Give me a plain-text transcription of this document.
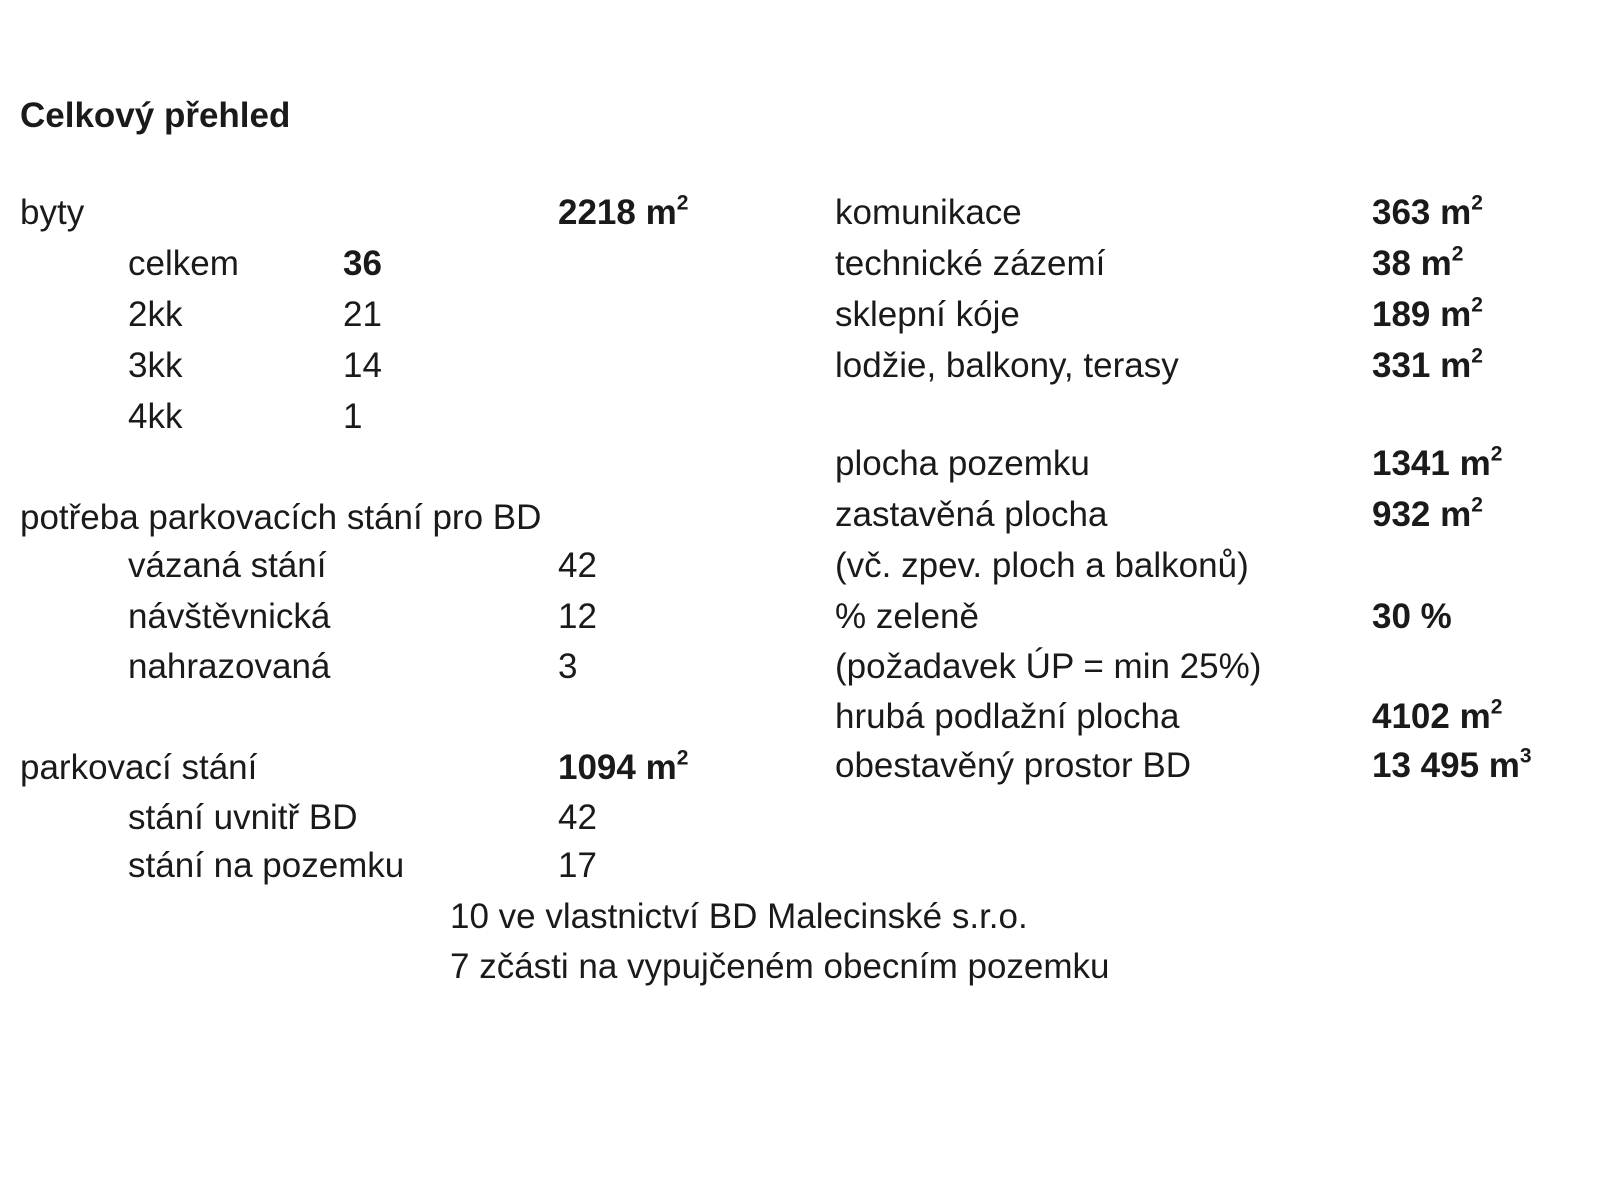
Celkový přehled
byty	2218 $m^2$
celkem	36
2kk	21
3kk	14
4kk	1
potřeba parkovacích stání pro BD
vázaná stání	42
návštěvnická	12
nahrazovaná	3
parkovací stání	1094 $m^2$
stání uvnitř BD	42
stání na pozemku	17
10 ve vlastnictví BD Malecinské s.r.o.
7 zčásti na vypujčeném obecním pozemku
komunikace	363 $m^2$
technické zázemí	38 $m^2$
sklepní kóje	189 $m^2$
lodžie, balkony, terasy	331 $m^2$
plocha pozemku	1341 $m^2$
zastavěná plocha	932 $m^2$
(vč. zpev. ploch a balkonů)
% zeleně	30 %
(požadavek ÚP = min 25%)
hrubá podlažní plocha	4102 $m^2$
obestavěný prostor BD	13 495 $m^3$
